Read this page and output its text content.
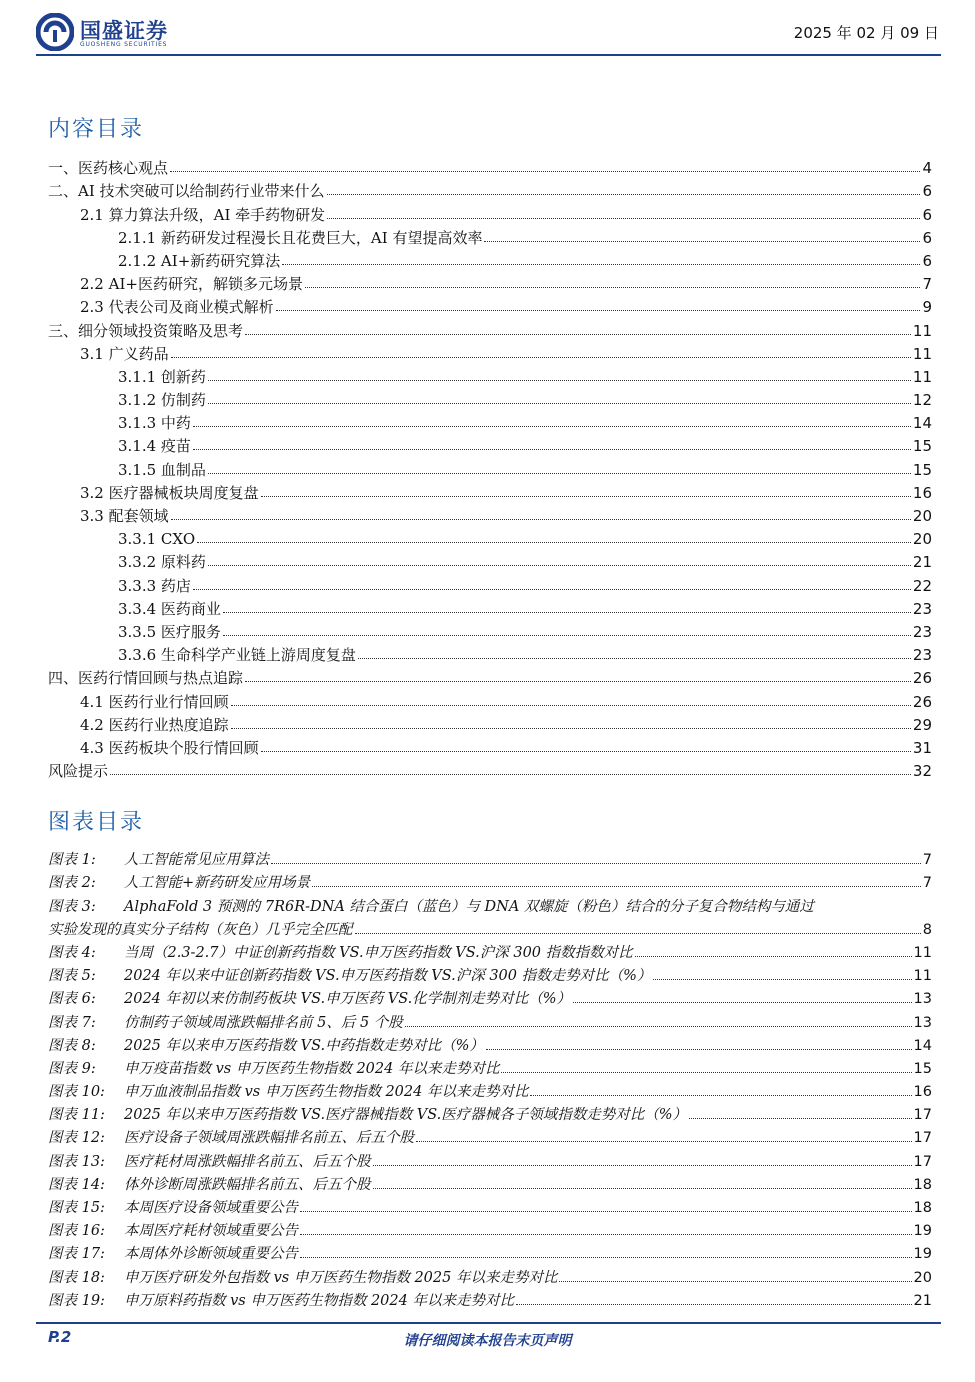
国盛证券
GUOSHENG SECURITIES
2025 年 02 月 09 日
内容目录
一、医药核心观点	4
二、AI 技术突破可以给制药行业带来什么	6
2.1 算力算法升级，AI 牵手药物研发	6
2.1.1 新药研发过程漫长且花费巨大，AI 有望提高效率	6
2.1.2 AI+新药研究算法	6
2.2 AI+医药研究，解锁多元场景	7
2.3 代表公司及商业模式解析	9
三、细分领域投资策略及思考	11
3.1 广义药品	11
3.1.1 创新药	11
3.1.2 仿制药	12
3.1.3 中药	14
3.1.4 疫苗	15
3.1.5 血制品	15
3.2 医疗器械板块周度复盘	16
3.3 配套领域	20
3.3.1 CXO	20
3.3.2 原料药	21
3.3.3 药店	22
3.3.4 医药商业	23
3.3.5 医疗服务	23
3.3.6 生命科学产业链上游周度复盘	23
四、医药行情回顾与热点追踪	26
4.1 医药行业行情回顾	26
4.2 医药行业热度追踪	29
4.3 医药板块个股行情回顾	31
风险提示	32
图表目录
图表 1: 人工智能常见应用算法	7
图表 2: 人工智能+新药研发应用场景	7
图表 3: AlphaFold 3 预测的 7R6R-DNA 结合蛋白（蓝色）与 DNA 双螺旋（粉色）结合的分子复合物结构与通过
实验发现的真实分子结构（灰色）几乎完全匹配	8
图表 4: 当周（2.3-2.7）中证创新药指数 VS.申万医药指数 VS.沪深 300 指数指数对比	11
图表 5: 2024 年以来中证创新药指数 VS.申万医药指数 VS.沪深 300 指数走势对比（%）	11
图表 6: 2024 年初以来仿制药板块 VS.申万医药 VS.化学制剂走势对比（%）	13
图表 7: 仿制药子领域周涨跌幅排名前 5、后 5 个股	13
图表 8: 2025 年以来申万医药指数 VS.中药指数走势对比（%）	14
图表 9: 申万疫苗指数 vs 申万医药生物指数 2024 年以来走势对比	15
图表 10: 申万血液制品指数 vs 申万医药生物指数 2024 年以来走势对比	16
图表 11: 2025 年以来申万医药指数 VS.医疗器械指数 VS.医疗器械各子领域指数走势对比（%）	17
图表 12: 医疗设备子领域周涨跌幅排名前五、后五个股	17
图表 13: 医疗耗材周涨跌幅排名前五、后五个股	17
图表 14: 体外诊断周涨跌幅排名前五、后五个股	18
图表 15: 本周医疗设备领域重要公告	18
图表 16: 本周医疗耗材领域重要公告	19
图表 17: 本周体外诊断领域重要公告	19
图表 18: 申万医疗研发外包指数 vs 申万医药生物指数 2025 年以来走势对比	20
图表 19: 申万原料药指数 vs 申万医药生物指数 2024 年以来走势对比	21
P.2	请仔细阅读本报告末页声明
